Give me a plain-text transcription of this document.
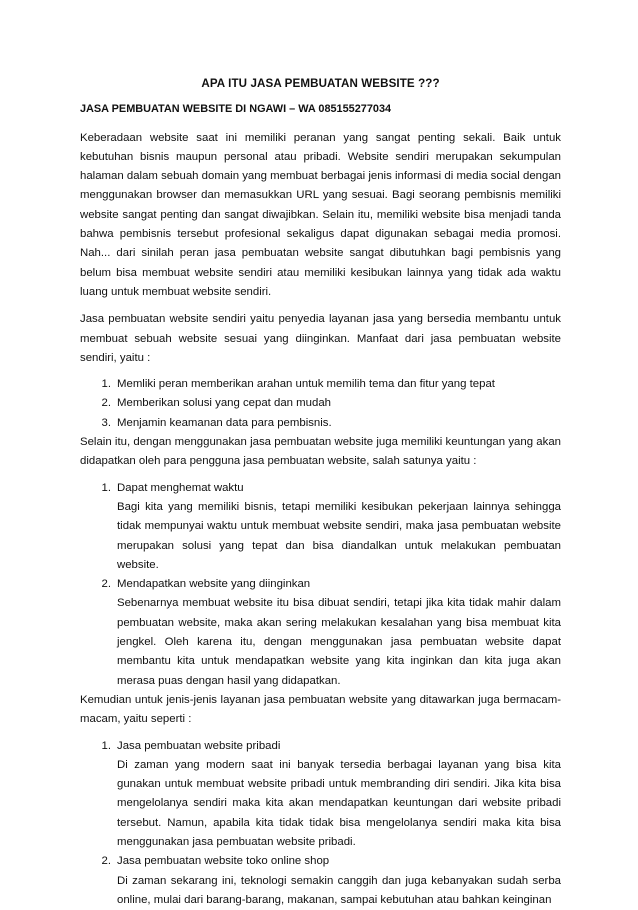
APA ITU JASA PEMBUATAN WEBSITE ???
JASA PEMBUATAN WEBSITE DI NGAWI – WA 085155277034

Keberadaan website saat ini memiliki peranan yang sangat penting sekali. Baik untuk kebutuhan bisnis maupun personal atau pribadi. Website sendiri merupakan sekumpulan halaman dalam sebuah domain yang membuat berbagai jenis informasi di media social dengan menggunakan browser dan memasukkan URL yang sesuai. Bagi seorang pembisnis memiliki website sangat penting dan sangat diwajibkan. Selain itu, memiliki website bisa menjadi tanda bahwa pembisnis tersebut profesional sekaligus dapat digunakan sebagai media promosi. Nah... dari sinilah peran jasa pembuatan website sangat dibutuhkan bagi pembisnis yang belum bisa membuat website sendiri atau memiliki kesibukan lainnya yang tidak ada waktu luang untuk membuat website sendiri.

Jasa pembuatan website sendiri yaitu penyedia layanan jasa yang bersedia membantu untuk membuat sebuah website sesuai yang diinginkan. Manfaat dari jasa pembuatan website sendiri, yaitu :

1. Memliki peran memberikan arahan untuk memilih tema dan fitur yang tepat
2. Memberikan solusi yang cepat dan mudah
3. Menjamin keamanan data para pembisnis.

Selain itu, dengan menggunakan jasa pembuatan website juga memiliki keuntungan yang akan didapatkan oleh para pengguna jasa pembuatan website, salah satunya yaitu :

1. Dapat menghemat waktu
Bagi kita yang memiliki bisnis, tetapi memiliki kesibukan pekerjaan lainnya sehingga tidak mempunyai waktu untuk membuat website sendiri, maka jasa pembuatan website merupakan solusi yang tepat dan bisa diandalkan untuk melakukan pembuatan website.
2. Mendapatkan website yang diinginkan
Sebenarnya membuat website itu bisa dibuat sendiri, tetapi jika kita tidak mahir dalam pembuatan website, maka akan sering melakukan kesalahan yang bisa membuat kita jengkel. Oleh karena itu, dengan menggunakan jasa pembuatan website dapat membantu kita untuk mendapatkan website yang kita inginkan dan kita juga akan merasa puas dengan hasil yang didapatkan.

Kemudian untuk jenis-jenis layanan jasa pembuatan website yang ditawarkan juga bermacam-macam, yaitu seperti :

1. Jasa pembuatan website pribadi
Di zaman yang modern saat ini banyak tersedia berbagai layanan yang bisa kita gunakan untuk membuat website pribadi untuk membranding diri sendiri. Jika kita bisa mengelolanya sendiri maka kita akan mendapatkan keuntungan dari website pribadi tersebut. Namun, apabila kita tidak tidak bisa mengelolanya sendiri maka kita bisa menggunakan jasa pembuatan website pribadi.
2. Jasa pembuatan website toko online shop
Di zaman sekarang ini, teknologi semakin canggih dan juga kebanyakan sudah serba online, mulai dari barang-barang, makanan, sampai kebutuhan atau bahkan keinginan
